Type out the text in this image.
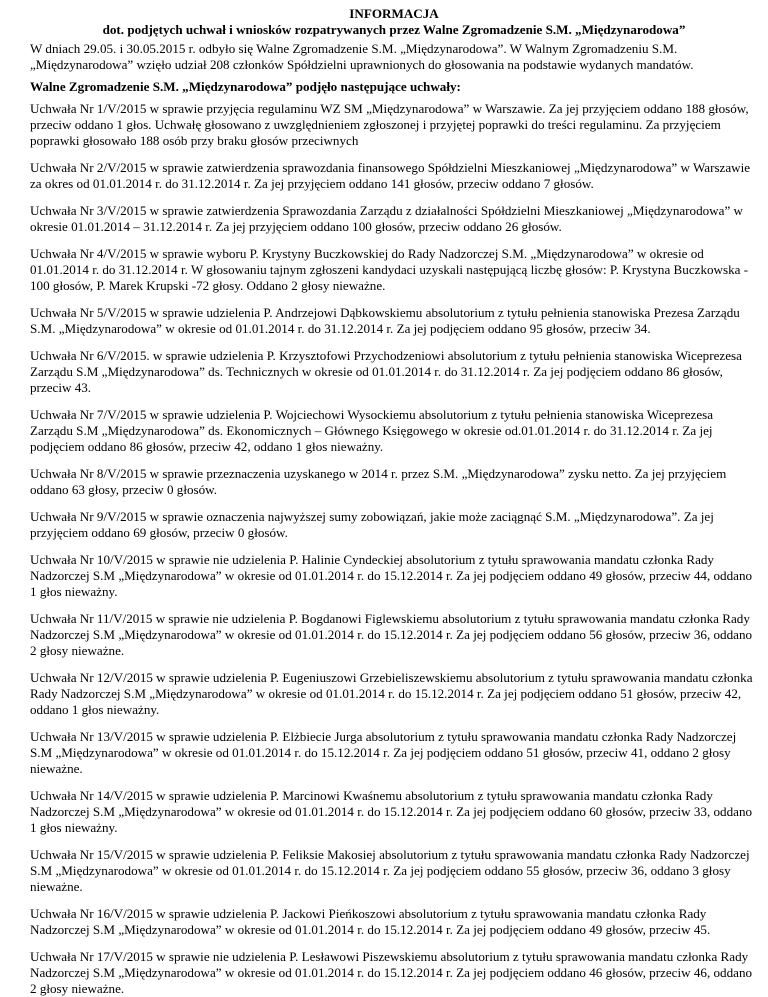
INFORMACJA

dot. podjętych uchwał i wniosków rozpatrywanych przez Walne Zgromadzenie S.M. „Międzynarodowa”

W dniach 29.05. i 30.05.2015 r. odbyło się Walne Zgromadzenie S.M. „Międzynarodowa”. W Walnym Zgromadzeniu S.M. „Międzynarodowa” wzięło udział 208 członków Spółdzielni uprawnionych do głosowania na podstawie wydanych mandatów.

Walne Zgromadzenie S.M. „Międzynarodowa” podjęło następujące uchwały:

Uchwała Nr 1/V/2015 w sprawie przyjęcia regulaminu WZ SM „Międzynarodowa” w Warszawie. Za jej przyjęciem oddano 188 głosów, przeciw oddano 1 głos. Uchwałę głosowano z uwzględnieniem zgłoszonej i przyjętej poprawki do treści regulaminu. Za przyjęciem poprawki głosowało 188 osób przy braku głosów przeciwnych

Uchwała Nr 2/V/2015 w sprawie zatwierdzenia sprawozdania finansowego Spółdzielni Mieszkaniowej „Międzynarodowa” w Warszawie za okres od 01.01.2014 r. do 31.12.2014 r. Za jej przyjęciem oddano 141 głosów, przeciw oddano 7 głosów.

Uchwała Nr 3/V/2015 w sprawie zatwierdzenia Sprawozdania Zarządu z działalności Spółdzielni Mieszkaniowej „Międzynarodowa” w okresie 01.01.2014 – 31.12.2014 r. Za jej przyjęciem oddano 100 głosów, przeciw oddano 26 głosów.

Uchwała Nr 4/V/2015 w sprawie wyboru P. Krystyny Buczkowskiej do Rady Nadzorczej S.M. „Międzynarodowa” w okresie od 01.01.2014 r. do 31.12.2014 r. W głosowaniu tajnym zgłoszeni kandydaci uzyskali następującą liczbę głosów: P. Krystyna Buczkowska - 100 głosów, P. Marek Krupski -72 głosy. Oddano 2 głosy nieważne.

Uchwała Nr 5/V/2015 w sprawie udzielenia P. Andrzejowi Dąbkowskiemu absolutorium z tytułu pełnienia stanowiska Prezesa Zarządu S.M. „Międzynarodowa” w okresie od 01.01.2014 r. do 31.12.2014 r. Za jej podjęciem oddano 95 głosów, przeciw 34.

Uchwała Nr 6/V/2015. w sprawie udzielenia P. Krzysztofowi Przychodzeniowi absolutorium z tytułu pełnienia stanowiska Wiceprezesa Zarządu S.M „Międzynarodowa” ds. Technicznych w okresie od 01.01.2014 r. do 31.12.2014 r. Za jej podjęciem oddano 86 głosów, przeciw 43.

Uchwała Nr 7/V/2015 w sprawie udzielenia P. Wojciechowi Wysockiemu absolutorium z tytułu pełnienia stanowiska Wiceprezesa Zarządu S.M „Międzynarodowa” ds. Ekonomicznych – Głównego Księgowego w okresie od.01.01.2014 r. do 31.12.2014 r. Za jej podjęciem oddano 86 głosów, przeciw 42, oddano 1 głos nieważny.

Uchwała Nr 8/V/2015 w sprawie przeznaczenia uzyskanego w 2014 r. przez S.M. „Międzynarodowa” zysku netto. Za jej przyjęciem oddano 63 głosy, przeciw 0 głosów.

Uchwała Nr 9/V/2015 w sprawie oznaczenia najwyższej sumy zobowiązań, jakie może zaciągnąć S.M. „Międzynarodowa”. Za jej przyjęciem oddano 69 głosów, przeciw 0 głosów.

Uchwała Nr 10/V/2015 w sprawie nie udzielenia P. Halinie Cyndeckiej absolutorium z tytułu sprawowania mandatu członka Rady Nadzorczej S.M „Międzynarodowa” w okresie od 01.01.2014 r. do 15.12.2014 r. Za jej podjęciem oddano 49 głosów, przeciw 44, oddano 1 głos nieważny.

Uchwała Nr 11/V/2015 w sprawie nie udzielenia P. Bogdanowi Figlewskiemu absolutorium z tytułu sprawowania mandatu członka Rady Nadzorczej S.M „Międzynarodowa” w okresie od 01.01.2014 r. do 15.12.2014 r. Za jej podjęciem oddano 56 głosów, przeciw 36, oddano 2 głosy nieważne.

Uchwała Nr 12/V/2015 w sprawie udzielenia P. Eugeniuszowi Grzebieliszewskiemu absolutorium z tytułu sprawowania mandatu członka Rady Nadzorczej S.M „Międzynarodowa” w okresie od 01.01.2014 r. do 15.12.2014 r. Za jej podjęciem oddano 51 głosów, przeciw 42, oddano 1 głos nieważny.

Uchwała Nr 13/V/2015 w sprawie udzielenia P. Elżbiecie Jurga absolutorium z tytułu sprawowania mandatu członka Rady Nadzorczej S.M „Międzynarodowa” w okresie od 01.01.2014 r. do 15.12.2014 r. Za jej podjęciem oddano 51 głosów, przeciw 41, oddano 2 głosy nieważne.

Uchwała Nr 14/V/2015 w sprawie udzielenia P. Marcinowi Kwaśnemu absolutorium z tytułu sprawowania mandatu członka Rady Nadzorczej S.M „Międzynarodowa” w okresie od 01.01.2014 r. do 15.12.2014 r. Za jej podjęciem oddano 60 głosów, przeciw 33, oddano 1 głos nieważny.

Uchwała Nr 15/V/2015 w sprawie udzielenia P. Feliksie Makosiej absolutorium z tytułu sprawowania mandatu członka Rady Nadzorczej S.M „Międzynarodowa” w okresie od 01.01.2014 r. do 15.12.2014 r. Za jej podjęciem oddano 55 głosów, przeciw 36, oddano 3 głosy nieważne.

Uchwała Nr 16/V/2015 w sprawie udzielenia P. Jackowi Pieńkoszowi absolutorium z tytułu sprawowania mandatu członka Rady Nadzorczej S.M „Międzynarodowa” w okresie od 01.01.2014 r. do 15.12.2014 r. Za jej podjęciem oddano 49 głosów, przeciw 45.

Uchwała Nr 17/V/2015 w sprawie nie udzielenia P. Lesławowi Piszewskiemu absolutorium z tytułu sprawowania mandatu członka Rady Nadzorczej S.M „Międzynarodowa” w okresie od 01.01.2014 r. do 15.12.2014 r. Za jej podjęciem oddano 46 głosów, przeciw 46, oddano 2 głosy nieważne.
